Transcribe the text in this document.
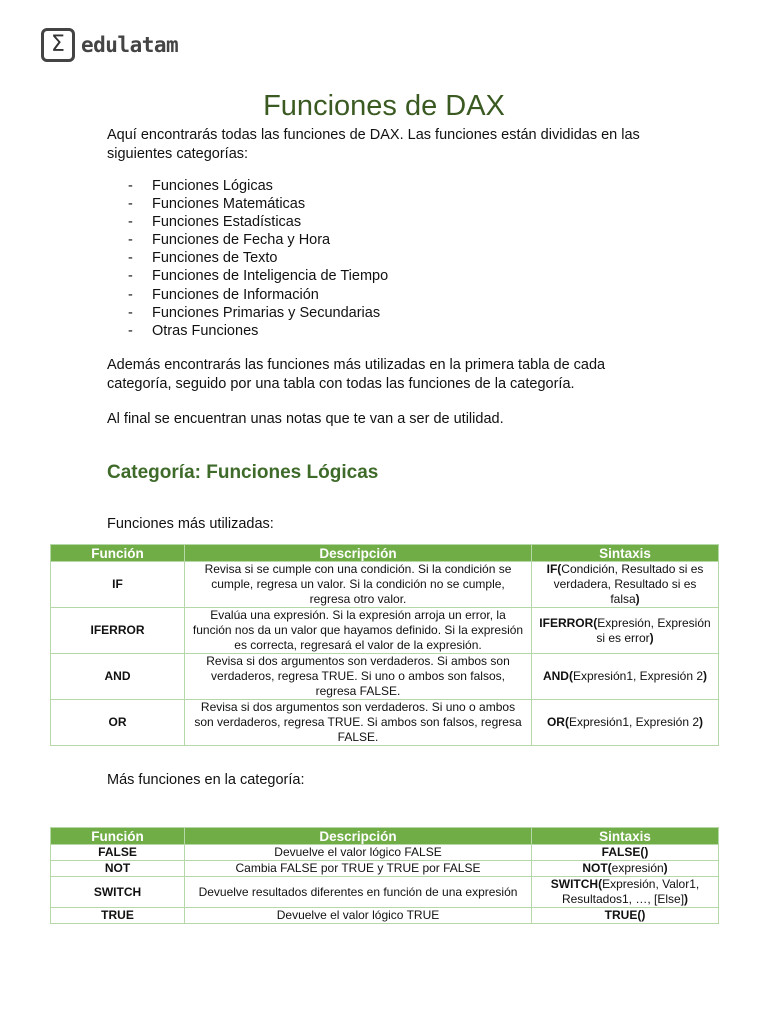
Σ edulatam
Funciones de DAX
Aquí encontrarás todas las funciones de DAX. Las funciones están divididas en las siguientes categorías:
-	Funciones Lógicas
-	Funciones Matemáticas
-	Funciones Estadísticas
-	Funciones de Fecha y Hora
-	Funciones de Texto
-	Funciones de Inteligencia de Tiempo
-	Funciones de Información
-	Funciones Primarias y Secundarias
-	Otras Funciones
Además encontrarás las funciones más utilizadas en la primera tabla de cada categoría, seguido por una tabla con todas las funciones de la categoría.
Al final se encuentran unas notas que te van a ser de utilidad.
Categoría: Funciones Lógicas
Funciones más utilizadas:
Función	Descripción	Sintaxis
IF	Revisa si se cumple con una condición. Si la condición se cumple, regresa un valor. Si la condición no se cumple, regresa otro valor.	IF(Condición, Resultado si es verdadera, Resultado si es falsa)
IFERROR	Evalúa una expresión. Si la expresión arroja un error, la función nos da un valor que hayamos definido. Si la expresión es correcta, regresará el valor de la expresión.	IFERROR(Expresión, Expresión si es error)
AND	Revisa si dos argumentos son verdaderos. Si ambos son verdaderos, regresa TRUE. Si uno o ambos son falsos, regresa FALSE.	AND(Expresión1, Expresión 2)
OR	Revisa si dos argumentos son verdaderos. Si uno o ambos son verdaderos, regresa TRUE. Si ambos son falsos, regresa FALSE.	OR(Expresión1, Expresión 2)
Más funciones en la categoría:
Función	Descripción	Sintaxis
FALSE	Devuelve el valor lógico FALSE	FALSE()
NOT	Cambia FALSE por TRUE y TRUE por FALSE	NOT(expresión)
SWITCH	Devuelve resultados diferentes en función de una expresión	SWITCH(Expresión, Valor1, Resultados1, …, [Else])
TRUE	Devuelve el valor lógico TRUE	TRUE()
